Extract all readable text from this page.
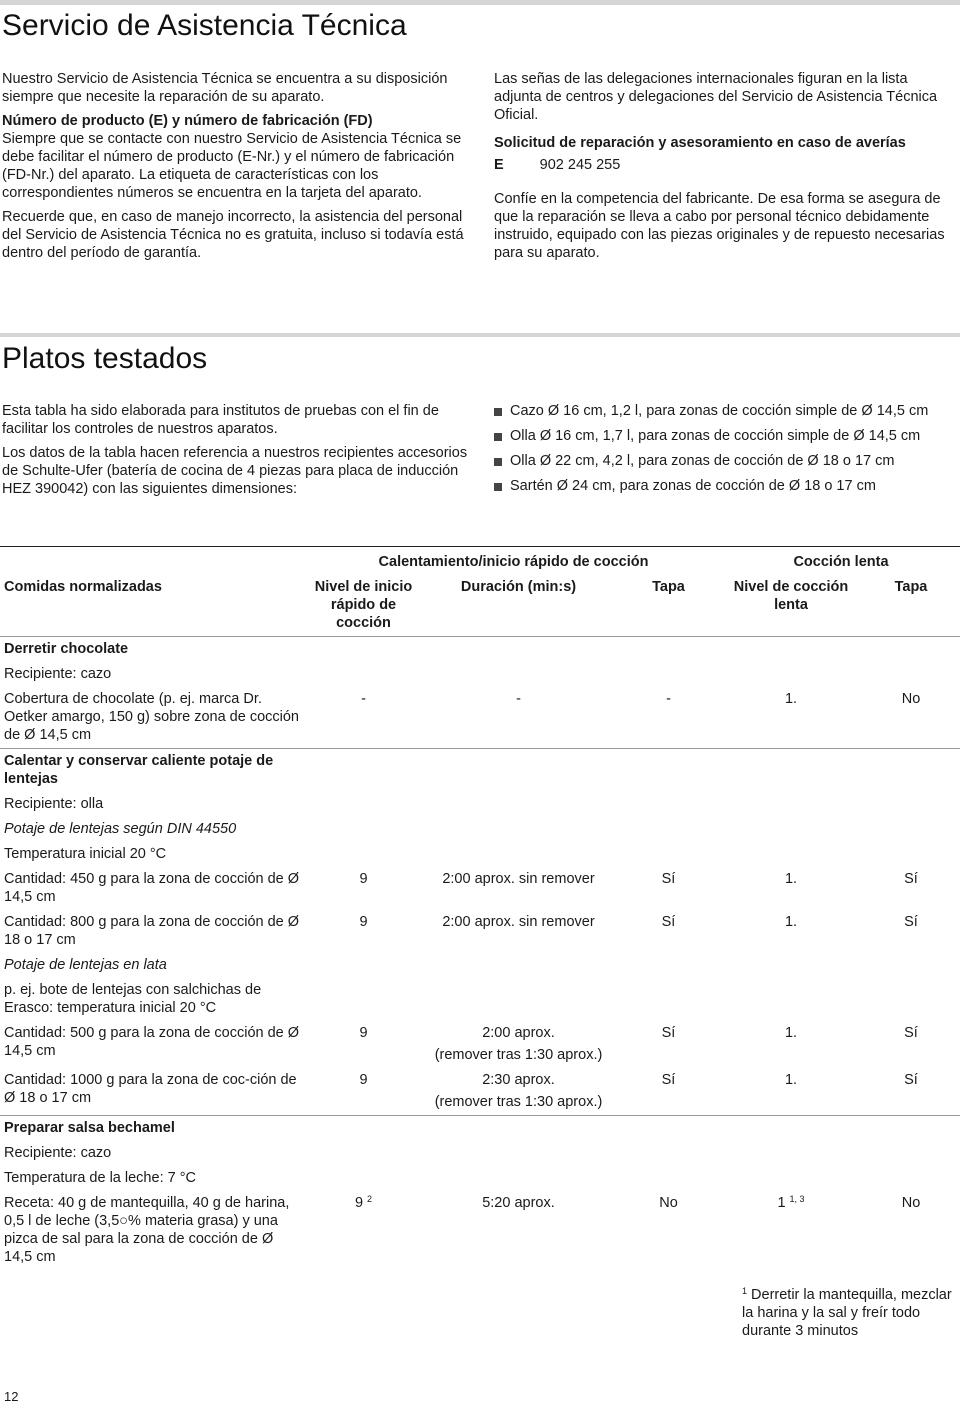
Servicio de Asistencia Técnica

Nuestro Servicio de Asistencia Técnica se encuentra a su disposición siempre que necesite la reparación de su aparato.

Número de producto (E) y número de fabricación (FD)

Siempre que se contacte con nuestro Servicio de Asistencia Técnica se debe facilitar el número de producto (E-Nr.) y el número de fabricación (FD-Nr.) del aparato. La etiqueta de características con los correspondientes números se encuentra en la tarjeta del aparato.

Recuerde que, en caso de manejo incorrecto, la asistencia del personal del Servicio de Asistencia Técnica no es gratuita, incluso si todavía está dentro del período de garantía.

Las señas de las delegaciones internacionales figuran en la lista adjunta de centros y delegaciones del Servicio de Asistencia Técnica Oficial.

Solicitud de reparación y asesoramiento en caso de averías

E 902 245 255

Confíe en la competencia del fabricante. De esa forma se asegura de que la reparación se lleva a cabo por personal técnico debidamente instruido, equipado con las piezas originales y de repuesto necesarias para su aparato.

Platos testados

Esta tabla ha sido elaborada para institutos de pruebas con el fin de facilitar los controles de nuestros aparatos.

Los datos de la tabla hacen referencia a nuestros recipientes accesorios de Schulte-Ufer (batería de cocina de 4 piezas para placa de inducción HEZ 390042) con las siguientes dimensiones:

Cazo Ø 16 cm, 1,2 l, para zonas de cocción simple de Ø 14,5 cm
Olla Ø 16 cm, 1,7 l, para zonas de cocción simple de Ø 14,5 cm
Olla Ø 22 cm, 4,2 l, para zonas de cocción de Ø 18 o 17 cm
Sartén Ø 24 cm, para zonas de cocción de Ø 18 o 17 cm
	Calentamiento/inicio rápido de cocción			Cocción lenta	
Comidas normalizadas	Nivel de inicio rápido de cocción	Duración (min:s)	Tapa	Nivel de cocción lenta	Tapa
Derretir chocolate					
Recipiente: cazo					
Cobertura de chocolate (p. ej. marca Dr. Oetker amargo, 150 g) sobre zona de cocción de Ø 14,5 cm	-	-	-	1.	No
Calentar y conservar caliente potaje de lentejas					
Recipiente: olla					
Potaje de lentejas según DIN 44550					
Temperatura inicial 20 °C					
Cantidad: 450 g para la zona de cocción de Ø 14,5 cm	9	2:00 aprox. sin remover	Sí	1.	Sí
Cantidad: 800 g para la zona de cocción de Ø 18 o 17 cm	9	2:00 aprox. sin remover	Sí	1.	Sí
Potaje de lentejas en lata					
p. ej. bote de lentejas con salchichas de Erasco: temperatura inicial 20 °C					
Cantidad: 500 g para la zona de cocción de Ø 14,5 cm	9	2:00 aprox.
(remover tras 1:30 aprox.)	Sí	1.	Sí
Cantidad: 1000 g para la zona de coc-ción de Ø 18 o 17 cm	9	2:30 aprox.
(remover tras 1:30 aprox.)	Sí	1.	Sí
Preparar salsa bechamel					
Recipiente: cazo					
Temperatura de la leche: 7 °C					
Receta: 40 g de mantequilla, 40 g de harina, 0,5 l de leche (3,5○% materia grasa) y una pizca de sal para la zona de cocción de Ø 14,5 cm	9 $^2$	5:20 aprox.	No	1 $^{1, 3}$	No
$^1$ Derretir la mantequilla, mezclar la harina y la sal y freír todo durante 3 minutos
12
